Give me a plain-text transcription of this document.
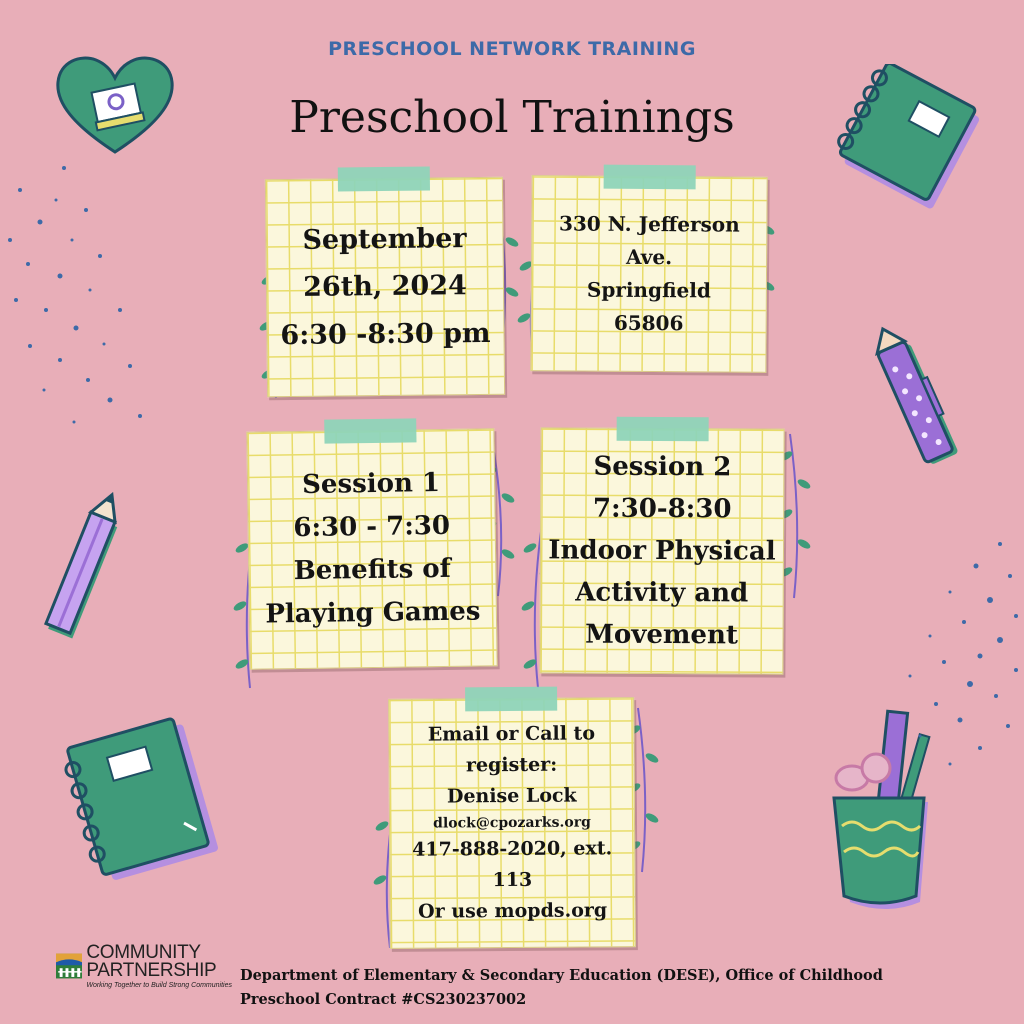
PRESCHOOL NETWORK TRAINING
Preschool Trainings
September
26th, 2024
6:30 -8:30 pm
330 N. Jefferson
Ave.
Springfield
65806
Session 1
6:30 - 7:30
Benefits of
Playing Games
Session 2
7:30-8:30
Indoor Physical
Activity and
Movement
Email or Call to
register:
Denise Lock
dlock@cpozarks.org
417-888-2020, ext.
113
Or use mopds.org
COMMUNITY
PARTNERSHIP
Working Together to Build Strong Communities
Department of Elementary & Secondary Education (DESE), Office of Childhood
Preschool Contract #CS230237002
